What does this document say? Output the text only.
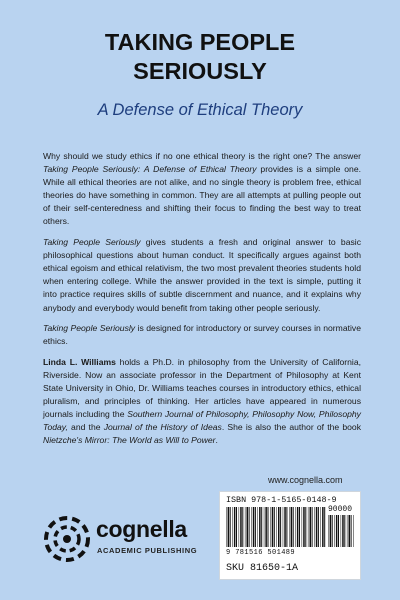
TAKING PEOPLE
SERIOUSLY
A Defense of Ethical Theory

Why should we study ethics if no one ethical theory is the right one? The answer Taking People Seriously: A Defense of Ethical Theory provides is a simple one. While all ethical theories are not alike, and no single theory is problem free, ethical theories do have something in common. They are all attempts at pulling people out of their self-centeredness and shifting their focus to finding the best way to treat others.

Taking People Seriously gives students a fresh and original answer to basic philosophical questions about human conduct. It specifically argues against both ethical egoism and ethical relativism, the two most prevalent theories students hold when entering college. While the answer provided in the text is simple, putting it into practice requires skills of subtle discernment and nuance, and it explains why anybody and everybody would benefit from taking other people seriously.

Taking People Seriously is designed for introductory or survey courses in normative ethics.

Linda L. Williams holds a Ph.D. in philosophy from the University of California, Riverside. Now an associate professor in the Department of Philosophy at Kent State University in Ohio, Dr. Williams teaches courses in introductory ethics, ethical pluralism, and principles of thinking. Her articles have appeared in numerous journals including the Southern Journal of Philosophy, Philosophy Now, Philosophy Today, and the Journal of the History of Ideas. She is also the author of the book Nietzche's Mirror: The World as Will to Power.

www.cognella.com
ISBN 978-1-5165-0148-9
90000
9 781516 501489
SKU 81650-1A
cognella
ACADEMIC PUBLISHING
